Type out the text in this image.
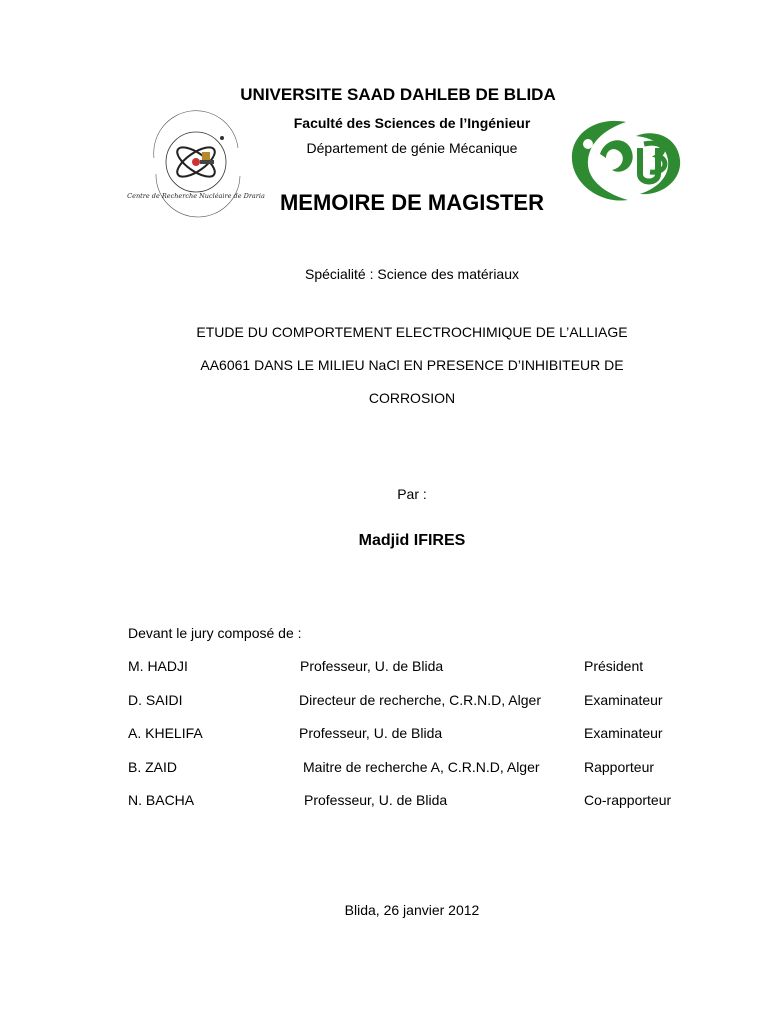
Centre de Recherche Nucléaire de Draria
UNIVERSITE SAAD DAHLEB DE BLIDA
Faculté des Sciences de l’Ingénieur
Département de génie Mécanique
MEMOIRE DE MAGISTER
Spécialité : Science des matériaux
ETUDE DU COMPORTEMENT ELECTROCHIMIQUE DE L’ALLIAGE
AA6061 DANS LE MILIEU NaCl EN PRESENCE D’INHIBITEUR DE
CORROSION
Par :
Madjid IFIRES
Devant le jury composé de :
M. HADJI	Professeur, U. de Blida	Président
D. SAIDI	Directeur de recherche, C.R.N.D, Alger	Examinateur
A. KHELIFA	Professeur, U. de Blida	Examinateur
B. ZAID	Maitre de recherche A, C.R.N.D, Alger	Rapporteur
N. BACHA	Professeur, U. de Blida	Co-rapporteur
Blida, 26 janvier 2012
